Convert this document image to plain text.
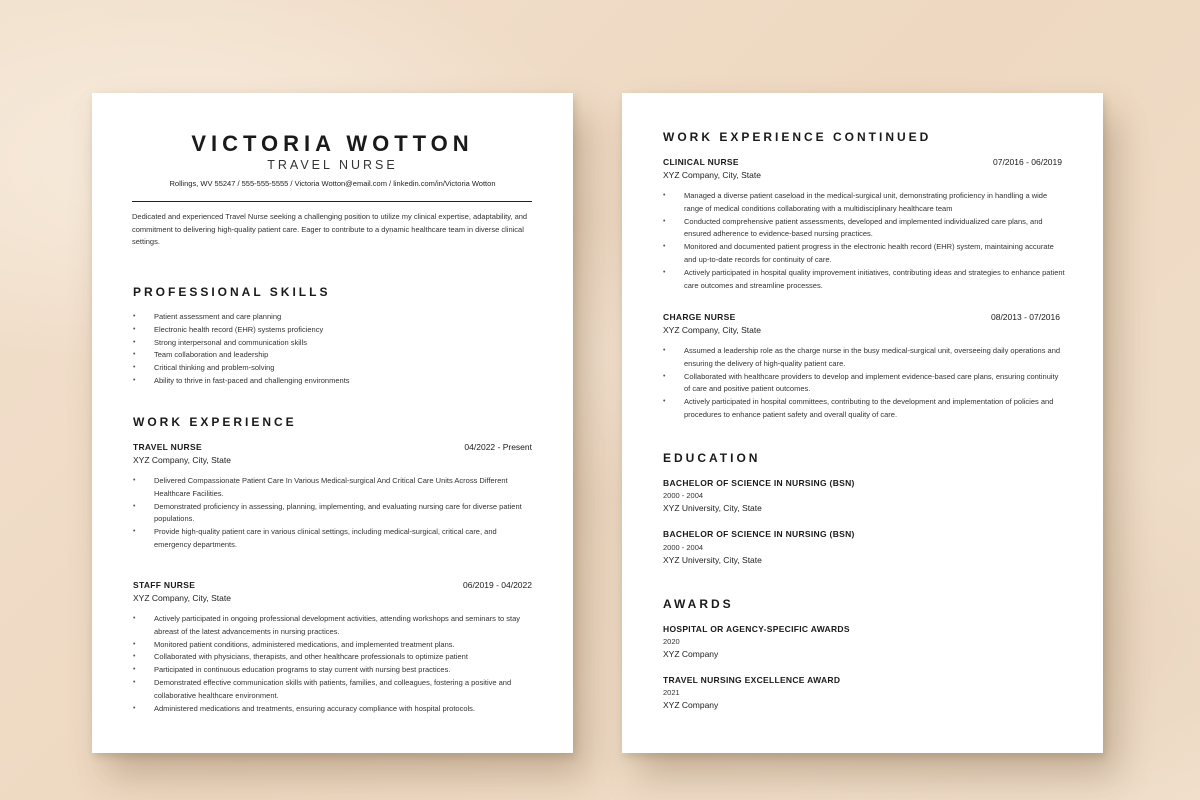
VICTORIA WOTTON
TRAVEL NURSE
Rollings, WV 55247 / 555-555-5555 / Victoria Wotton@email.com / linkedin.com/in/Victoria Wotton
Dedicated and experienced Travel Nurse seeking a challenging position to utilize my clinical expertise, adaptability, and commitment to delivering high-quality patient care. Eager to contribute to a dynamic healthcare team in diverse clinical settings.
PROFESSIONAL SKILLS
• Patient assessment and care planning
• Electronic health record (EHR) systems proficiency
• Strong interpersonal and communication skills
• Team collaboration and leadership
• Critical thinking and problem-solving
• Ability to thrive in fast-paced and challenging environments
WORK EXPERIENCE
TRAVEL NURSE	04/2022 - Present
XYZ Company, City, State
• Delivered Compassionate Patient Care In Various Medical-surgical And Critical Care Units Across Different Healthcare Facilities.
• Demonstrated proficiency in assessing, planning, implementing, and evaluating nursing care for diverse patient populations.
• Provide high-quality patient care in various clinical settings, including medical-surgical, critical care, and emergency departments.
STAFF NURSE	06/2019 - 04/2022
XYZ Company, City, State
• Actively participated in ongoing professional development activities, attending workshops and seminars to stay abreast of the latest advancements in nursing practices.
• Monitored patient conditions, administered medications, and implemented treatment plans.
• Collaborated with physicians, therapists, and other healthcare professionals to optimize patient
• Participated in continuous education programs to stay current with nursing best practices.
• Demonstrated effective communication skills with patients, families, and colleagues, fostering a positive and collaborative healthcare environment.
• Administered medications and treatments, ensuring accuracy compliance with hospital protocols.
WORK EXPERIENCE CONTINUED
CLINICAL NURSE	07/2016 - 06/2019
XYZ Company, City, State
• Managed a diverse patient caseload in the medical-surgical unit, demonstrating proficiency in handling a wide range of medical conditions collaborating with a multidisciplinary healthcare team
• Conducted comprehensive patient assessments, developed and implemented individualized care plans, and ensured adherence to evidence-based nursing practices.
• Monitored and documented patient progress in the electronic health record (EHR) system, maintaining accurate and up-to-date records for continuity of care.
• Actively participated in hospital quality improvement initiatives, contributing ideas and strategies to enhance patient care outcomes and streamline processes.
CHARGE NURSE	08/2013 - 07/2016
XYZ Company, City, State
• Assumed a leadership role as the charge nurse in the busy medical-surgical unit, overseeing daily operations and ensuring the delivery of high-quality patient care.
• Collaborated with healthcare providers to develop and implement evidence-based care plans, ensuring continuity of care and positive patient outcomes.
• Actively participated in hospital committees, contributing to the development and implementation of policies and procedures to enhance patient safety and overall quality of care.
EDUCATION
BACHELOR OF SCIENCE IN NURSING (BSN)
2000 - 2004
XYZ University, City, State
BACHELOR OF SCIENCE IN NURSING (BSN)
2000 - 2004
XYZ University, City, State
AWARDS
HOSPITAL OR AGENCY-SPECIFIC AWARDS
2020
XYZ Company
TRAVEL NURSING EXCELLENCE AWARD
2021
XYZ Company
